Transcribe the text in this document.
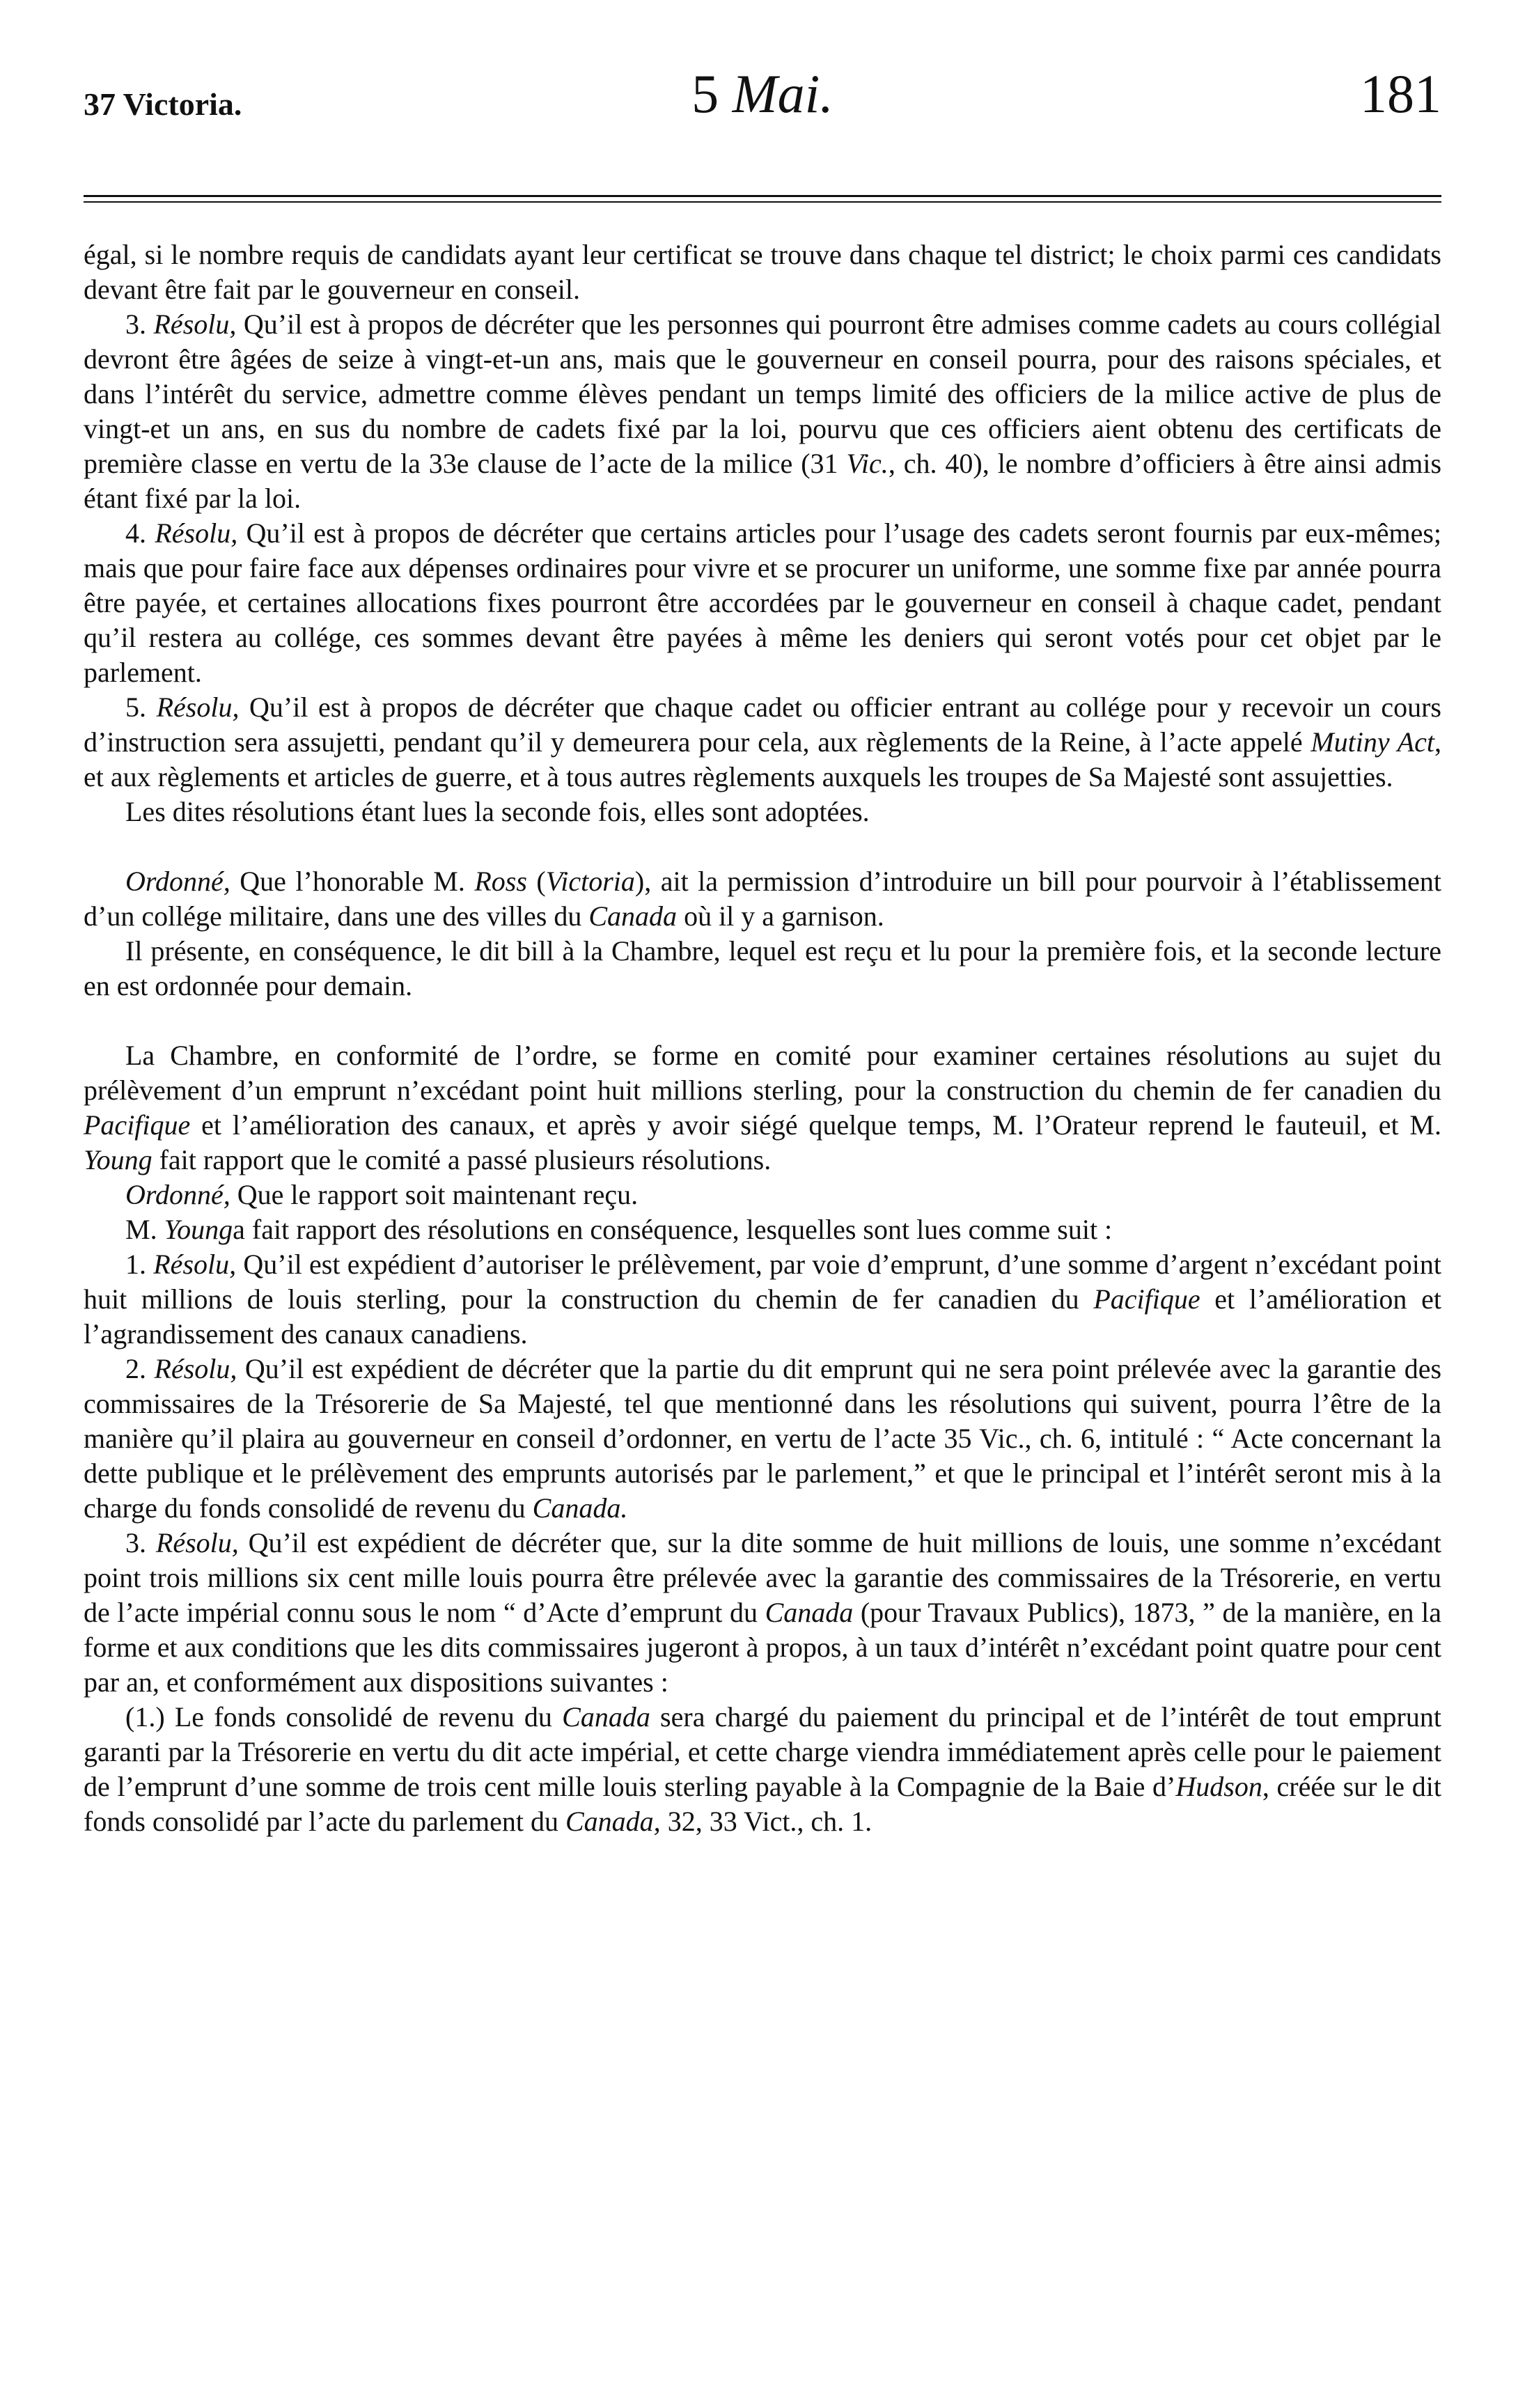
37 Victoria.	5 Mai.	181

égal, si le nombre requis de candidats ayant leur certificat se trouve dans chaque tel district; le choix parmi ces candidats devant être fait par le gouverneur en conseil.

3. Résolu, Qu’il est à propos de décréter que les personnes qui pourront être admises comme cadets au cours collégial devront être âgées de seize à vingt-et-un ans, mais que le gouverneur en conseil pourra, pour des raisons spéciales, et dans l’intérêt du service, admettre comme élèves pendant un temps limité des officiers de la milice active de plus de vingt-et un ans, en sus du nombre de cadets fixé par la loi, pourvu que ces officiers aient obtenu des certificats de première classe en vertu de la 33e clause de l’acte de la milice (31 Vic., ch. 40), le nombre d’officiers à être ainsi admis étant fixé par la loi.

4. Résolu, Qu’il est à propos de décréter que certains articles pour l’usage des cadets seront fournis par eux-mêmes; mais que pour faire face aux dépenses ordinaires pour vivre et se procurer un uniforme, une somme fixe par année pourra être payée, et certaines allocations fixes pourront être accordées par le gouverneur en conseil à chaque cadet, pendant qu’il restera au collége, ces sommes devant être payées à même les deniers qui seront votés pour cet objet par le parlement.

5. Résolu, Qu’il est à propos de décréter que chaque cadet ou officier entrant au collége pour y recevoir un cours d’instruction sera assujetti, pendant qu’il y demeurera pour cela, aux règlements de la Reine, à l’acte appelé Mutiny Act, et aux règlements et articles de guerre, et à tous autres règlements auxquels les troupes de Sa Majesté sont assujetties.

Les dites résolutions étant lues la seconde fois, elles sont adoptées.

Ordonné, Que l’honorable M. Ross (Victoria), ait la permission d’introduire un bill pour pourvoir à l’établissement d’un collége militaire, dans une des villes du Canada où il y a garnison.

Il présente, en conséquence, le dit bill à la Chambre, lequel est reçu et lu pour la première fois, et la seconde lecture en est ordonnée pour demain.

La Chambre, en conformité de l’ordre, se forme en comité pour examiner certaines résolutions au sujet du prélèvement d’un emprunt n’excédant point huit millions sterling, pour la construction du chemin de fer canadien du Pacifique et l’amélioration des canaux, et après y avoir siégé quelque temps, M. l’Orateur reprend le fauteuil, et M. Young fait rapport que le comité a passé plusieurs résolutions.

Ordonné, Que le rapport soit maintenant reçu.

M. Younga fait rapport des résolutions en conséquence, lesquelles sont lues comme suit :

1. Résolu, Qu’il est expédient d’autoriser le prélèvement, par voie d’emprunt, d’une somme d’argent n’excédant point huit millions de louis sterling, pour la construction du chemin de fer canadien du Pacifique et l’amélioration et l’agrandissement des canaux canadiens.

2. Résolu, Qu’il est expédient de décréter que la partie du dit emprunt qui ne sera point prélevée avec la garantie des commissaires de la Trésorerie de Sa Majesté, tel que mentionné dans les résolutions qui suivent, pourra l’être de la manière qu’il plaira au gouverneur en conseil d’ordonner, en vertu de l’acte 35 Vic., ch. 6, intitulé : “ Acte concernant la dette publique et le prélèvement des emprunts autorisés par le parlement,” et que le principal et l’intérêt seront mis à la charge du fonds consolidé de revenu du Canada.

3. Résolu, Qu’il est expédient de décréter que, sur la dite somme de huit millions de louis, une somme n’excédant point trois millions six cent mille louis pourra être prélevée avec la garantie des commissaires de la Trésorerie, en vertu de l’acte impérial connu sous le nom “ d’Acte d’emprunt du Canada (pour Travaux Publics), 1873, ” de la manière, en la forme et aux conditions que les dits commissaires jugeront à propos, à un taux d’intérêt n’excédant point quatre pour cent par an, et conformément aux dispositions suivantes :

(1.) Le fonds consolidé de revenu du Canada sera chargé du paiement du principal et de l’intérêt de tout emprunt garanti par la Trésorerie en vertu du dit acte impérial, et cette charge viendra immédiatement après celle pour le paiement de l’emprunt d’une somme de trois cent mille louis sterling payable à la Compagnie de la Baie d’Hudson, créée sur le dit fonds consolidé par l’acte du parlement du Canada, 32, 33 Vict., ch. 1.
